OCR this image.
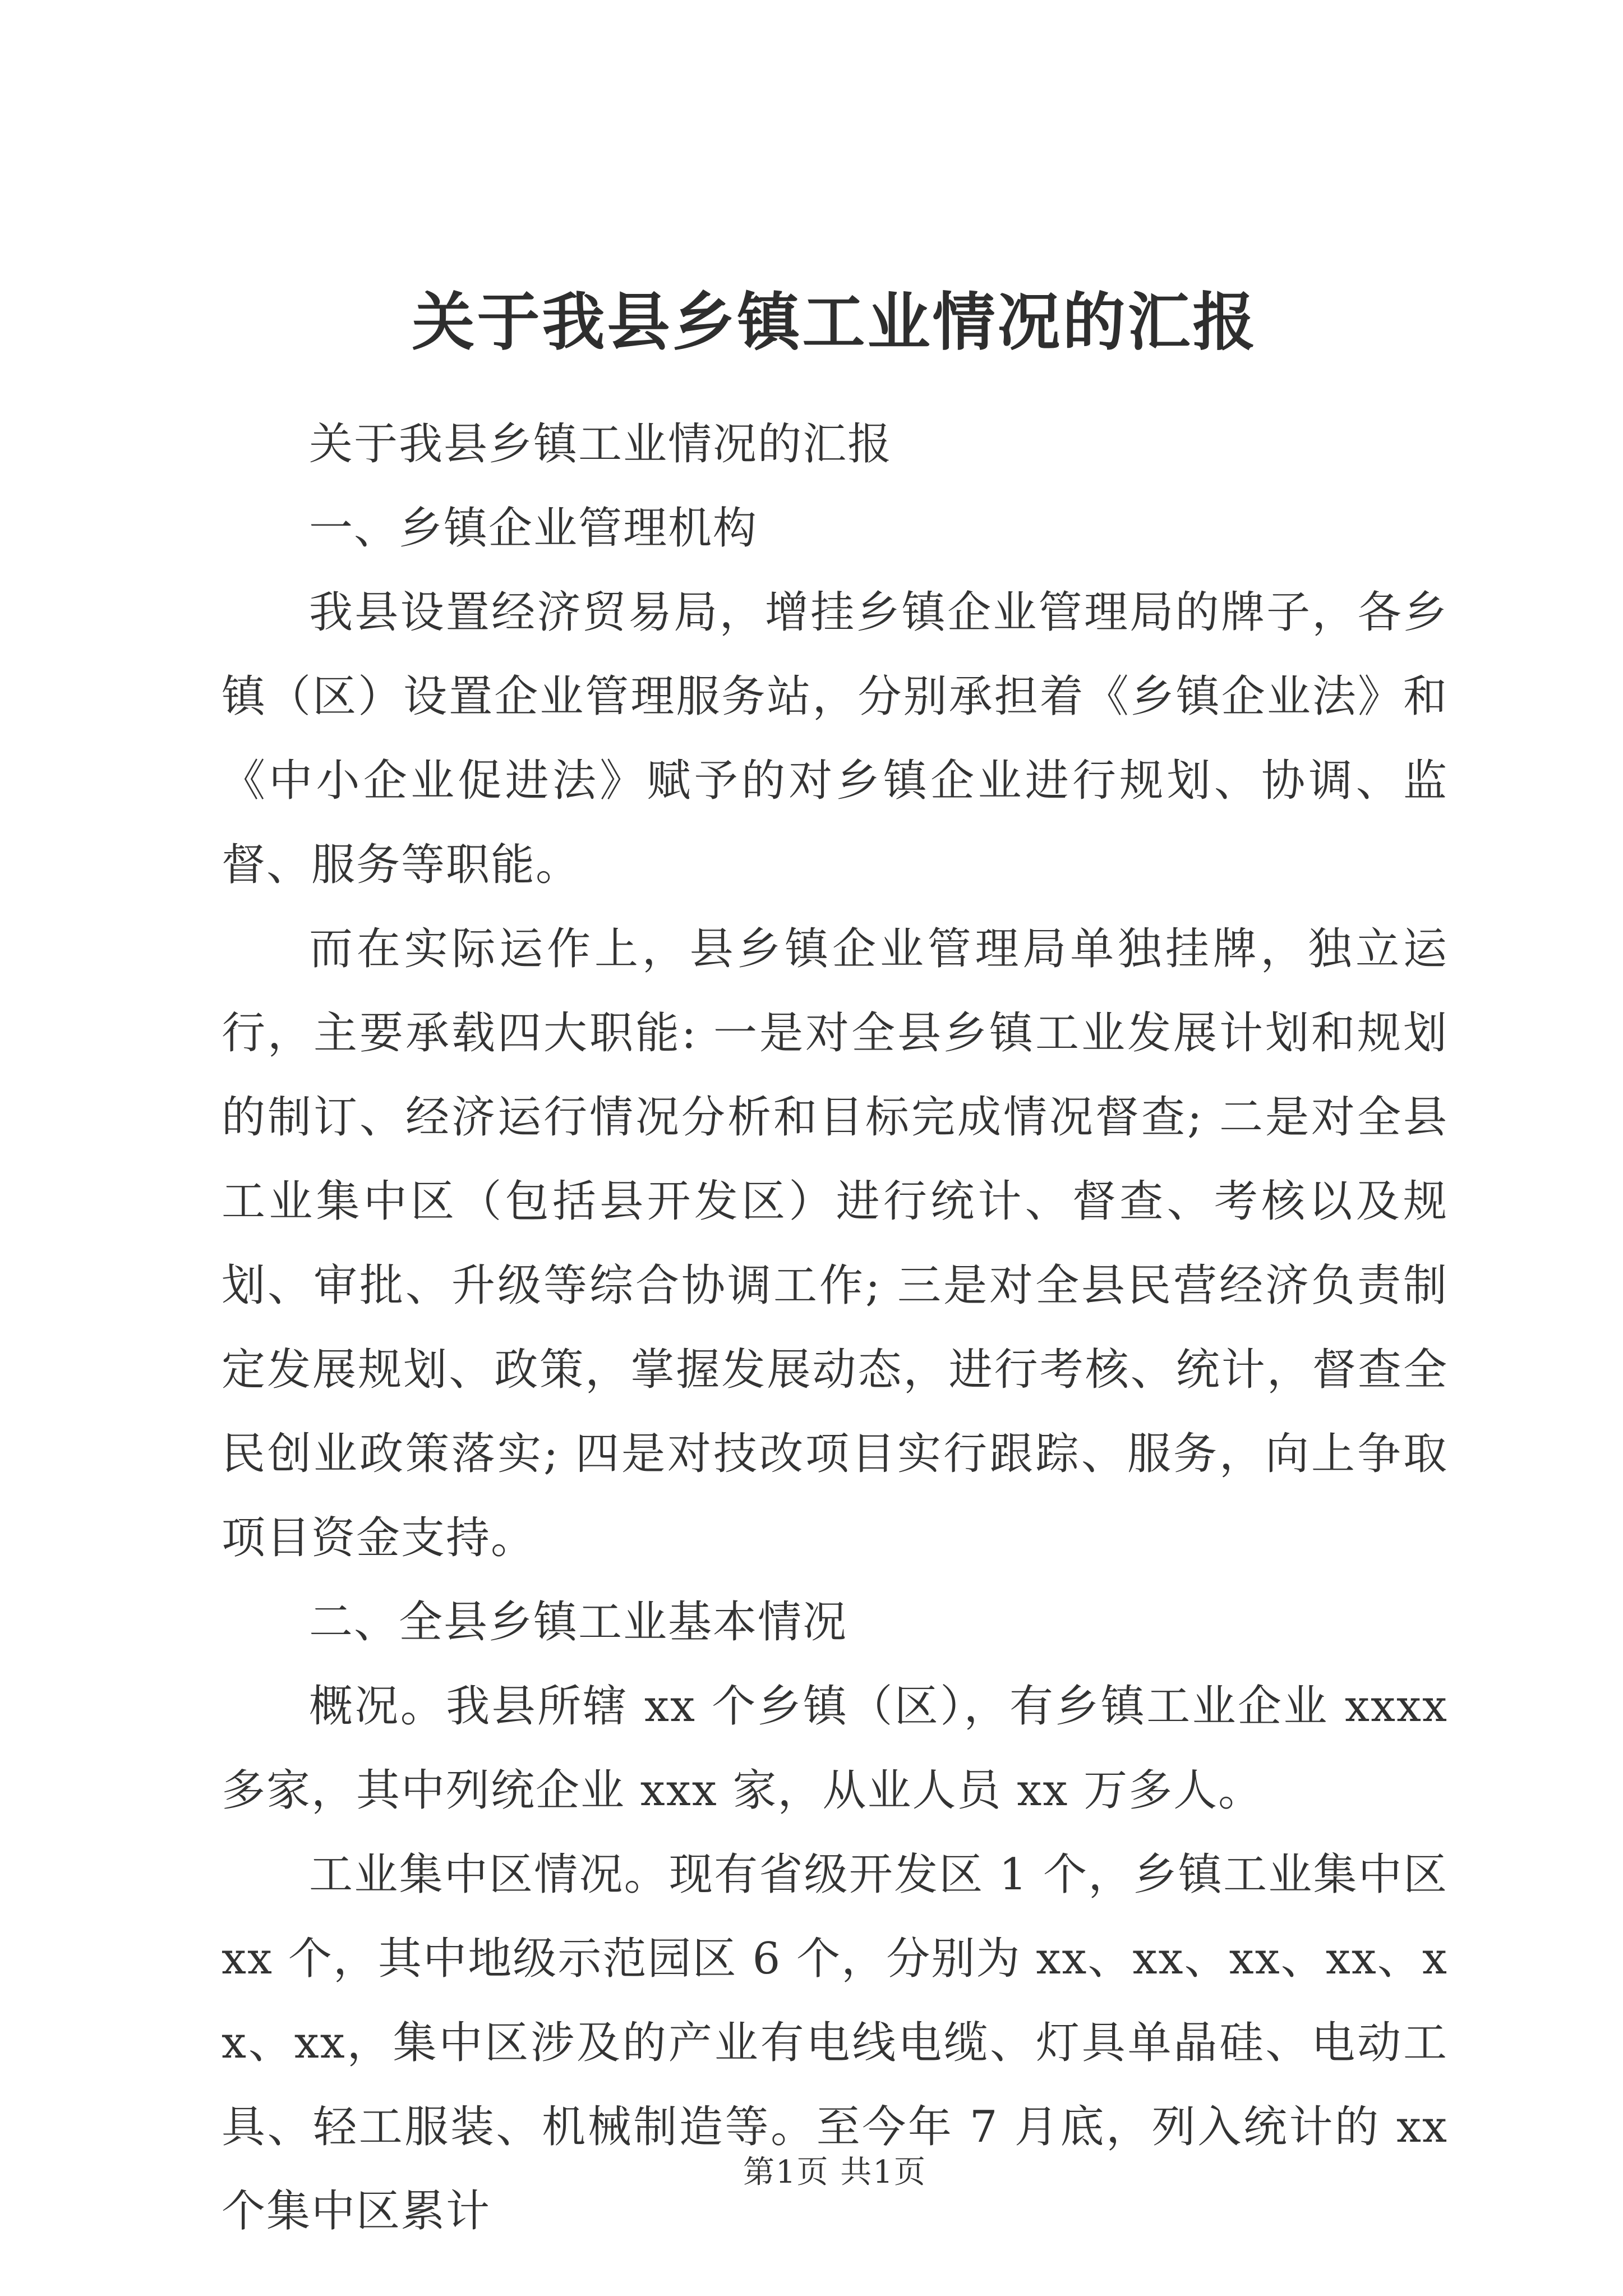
关于我县乡镇工业情况的汇报

关于我县乡镇工业情况的汇报

一、乡镇企业管理机构

我县设置经济贸易局，增挂乡镇企业管理局的牌子，各乡镇（区）设置企业管理服务站，分别承担着《乡镇企业法》和《中小企业促进法》赋予的对乡镇企业进行规划、协调、监督、服务等职能。

而在实际运作上，县乡镇企业管理局单独挂牌，独立运行，主要承载四大职能: 一是对全县乡镇工业发展计划和规划的制订、经济运行情况分析和目标完成情况督查; 二是对全县工业集中区（包括县开发区）进行统计、督查、考核以及规划、审批、升级等综合协调工作; 三是对全县民营经济负责制定发展规划、政策，掌握发展动态，进行考核、统计，督查全民创业政策落实; 四是对技改项目实行跟踪、服务，向上争取项目资金支持。

二、全县乡镇工业基本情况

概况。我县所辖 xx 个乡镇（区），有乡镇工业企业 xxxx 多家，其中列统企业 xxx 家，从业人员 xx 万多人。

工业集中区情况。现有省级开发区 1 个，乡镇工业集中区 xx 个，其中地级示范园区 6 个，分别为 xx、xx、xx、xx、xx、xx，集中区涉及的产业有电线电缆、灯具单晶硅、电动工具、轻工服装、机械制造等。至今年 7 月底，列入统计的 xx 个集中区累计

第1页 共1页
